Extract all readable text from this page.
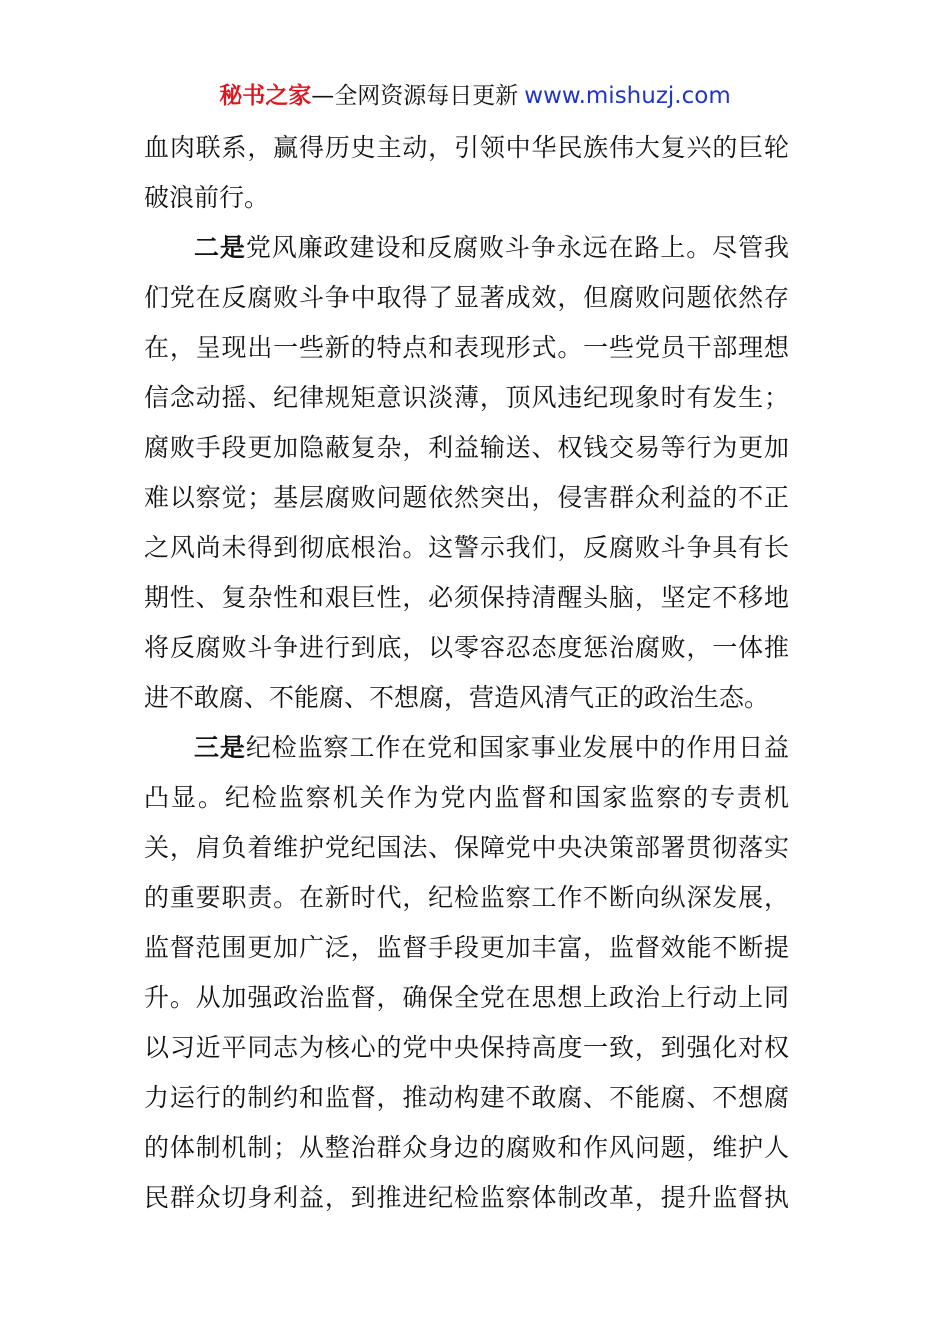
秘书之家—全网资源每日更新 www.mishuzj.com
血肉联系，赢得历史主动，引领中华民族伟大复兴的巨轮
破浪前行。
二是党风廉政建设和反腐败斗争永远在路上。尽管我
们党在反腐败斗争中取得了显著成效，但腐败问题依然存
在，呈现出一些新的特点和表现形式。一些党员干部理想
信念动摇、纪律规矩意识淡薄，顶风违纪现象时有发生；
腐败手段更加隐蔽复杂，利益输送、权钱交易等行为更加
难以察觉；基层腐败问题依然突出，侵害群众利益的不正
之风尚未得到彻底根治。这警示我们，反腐败斗争具有长
期性、复杂性和艰巨性，必须保持清醒头脑，坚定不移地
将反腐败斗争进行到底，以零容忍态度惩治腐败，一体推
进不敢腐、不能腐、不想腐，营造风清气正的政治生态。
三是纪检监察工作在党和国家事业发展中的作用日益
凸显。纪检监察机关作为党内监督和国家监察的专责机
关，肩负着维护党纪国法、保障党中央决策部署贯彻落实
的重要职责。在新时代，纪检监察工作不断向纵深发展，
监督范围更加广泛，监督手段更加丰富，监督效能不断提
升。从加强政治监督，确保全党在思想上政治上行动上同
以习近平同志为核心的党中央保持高度一致，到强化对权
力运行的制约和监督，推动构建不敢腐、不能腐、不想腐
的体制机制；从整治群众身边的腐败和作风问题，维护人
民群众切身利益，到推进纪检监察体制改革，提升监督执
